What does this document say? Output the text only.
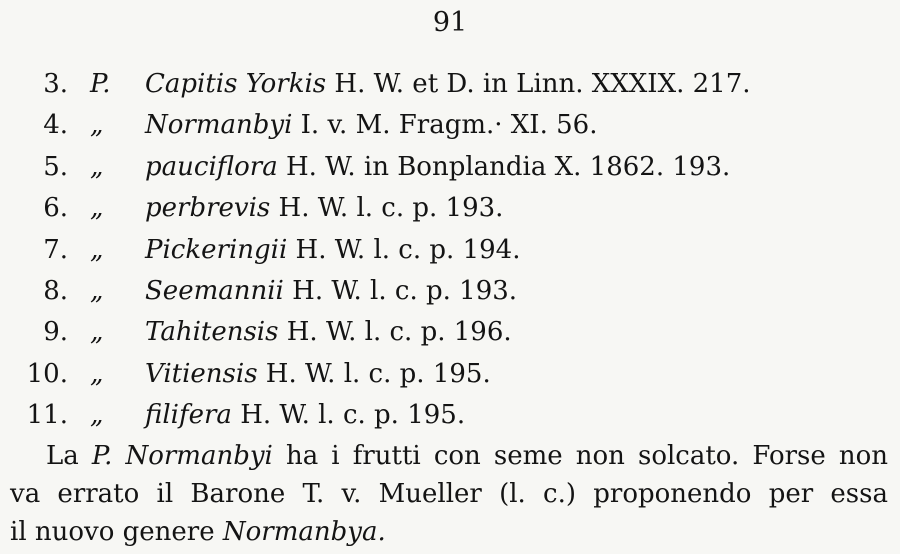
91
3. P. Capitis Yorkis H. W. et D. in Linn. XXXIX. 217.
4. „ Normanbyi I. v. M. Fragm.· XI. 56.
5. „ pauciflora H. W. in Bonplandia X. 1862. 193.
6. „ perbrevis H. W. l. c. p. 193.
7. „ Pickeringii H. W. l. c. p. 194.
8. „ Seemannii H. W. l. c. p. 193.
9. „ Tahitensis H. W. l. c. p. 196.
10. „ Vitiensis H. W. l. c. p. 195.
11. „ filifera H. W. l. c. p. 195.
La P. Normanbyi ha i frutti con seme non solcato. Forse non
va errato il Barone T. v. Mueller (l. c.) proponendo per essa
il nuovo genere Normanbya.
